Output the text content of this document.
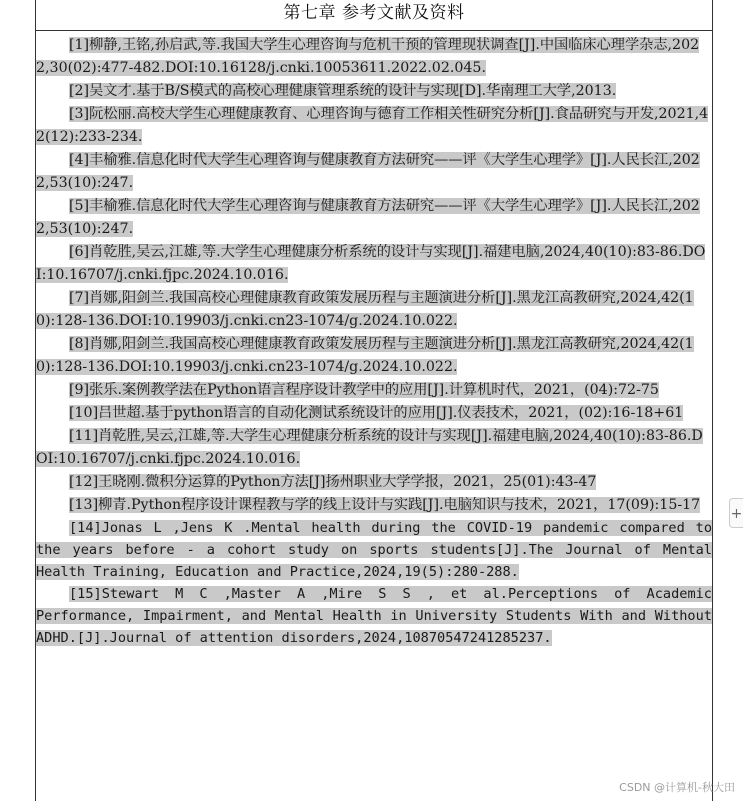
第七章 参考文献及资料
[1]柳静,王铭,孙启武,等.我国大学生心理咨询与危机干预的管理现状调查[J].中国临床心理学杂志,2022,30(02):477-482.DOI:10.16128/j.cnki.10053611.2022.02.045.
[2]吴文才.基于B/S模式的高校心理健康管理系统的设计与实现[D].华南理工大学,2013.
[3]阮松丽.高校大学生心理健康教育、心理咨询与德育工作相关性研究分析[J].食品研究与开发,2021,42(12):233-234.
[4]丰榆雅.信息化时代大学生心理咨询与健康教育方法研究——评《大学生心理学》[J].人民长江,2022,53(10):247.
[5]丰榆雅.信息化时代大学生心理咨询与健康教育方法研究——评《大学生心理学》[J].人民长江,2022,53(10):247.
[6]肖乾胜,吴云,江雄,等.大学生心理健康分析系统的设计与实现[J].福建电脑,2024,40(10):83-86.DOI:10.16707/j.cnki.fjpc.2024.10.016.
[7]肖娜,阳剑兰.我国高校心理健康教育政策发展历程与主题演进分析[J].黑龙江高教研究,2024,42(10):128-136.DOI:10.19903/j.cnki.cn23-1074/g.2024.10.022.
[8]肖娜,阳剑兰.我国高校心理健康教育政策发展历程与主题演进分析[J].黑龙江高教研究,2024,42(10):128-136.DOI:10.19903/j.cnki.cn23-1074/g.2024.10.022.
[9]张乐.案例教学法在Python语言程序设计教学中的应用[J].计算机时代，2021，(04):72-75
[10]吕世超.基于python语言的自动化测试系统设计的应用[J].仪表技术，2021，(02):16-18+61
[11]肖乾胜,吴云,江雄,等.大学生心理健康分析系统的设计与实现[J].福建电脑,2024,40(10):83-86.DOI:10.16707/j.cnki.fjpc.2024.10.016.
[12]王晓刚.微积分运算的Python方法[J]扬州职业大学学报，2021，25(01):43-47
[13]柳青.Python程序设计课程教与学的线上设计与实践[J].电脑知识与技术，2021，17(09):15-17
[14]Jonas L ,Jens K .Mental health during the COVID-19 pandemic compared to the years before - a cohort study on sports students[J].The Journal of Mental Health Training, Education and Practice,2024,19(5):280-288.
[15]Stewart M C ,Master A ,Mire S S , et al.Perceptions of Academic Performance, Impairment, and Mental Health in University Students With and Without ADHD.[J].Journal of attention disorders,2024,10870547241285237.
+
CSDN @计算机-秋大田
